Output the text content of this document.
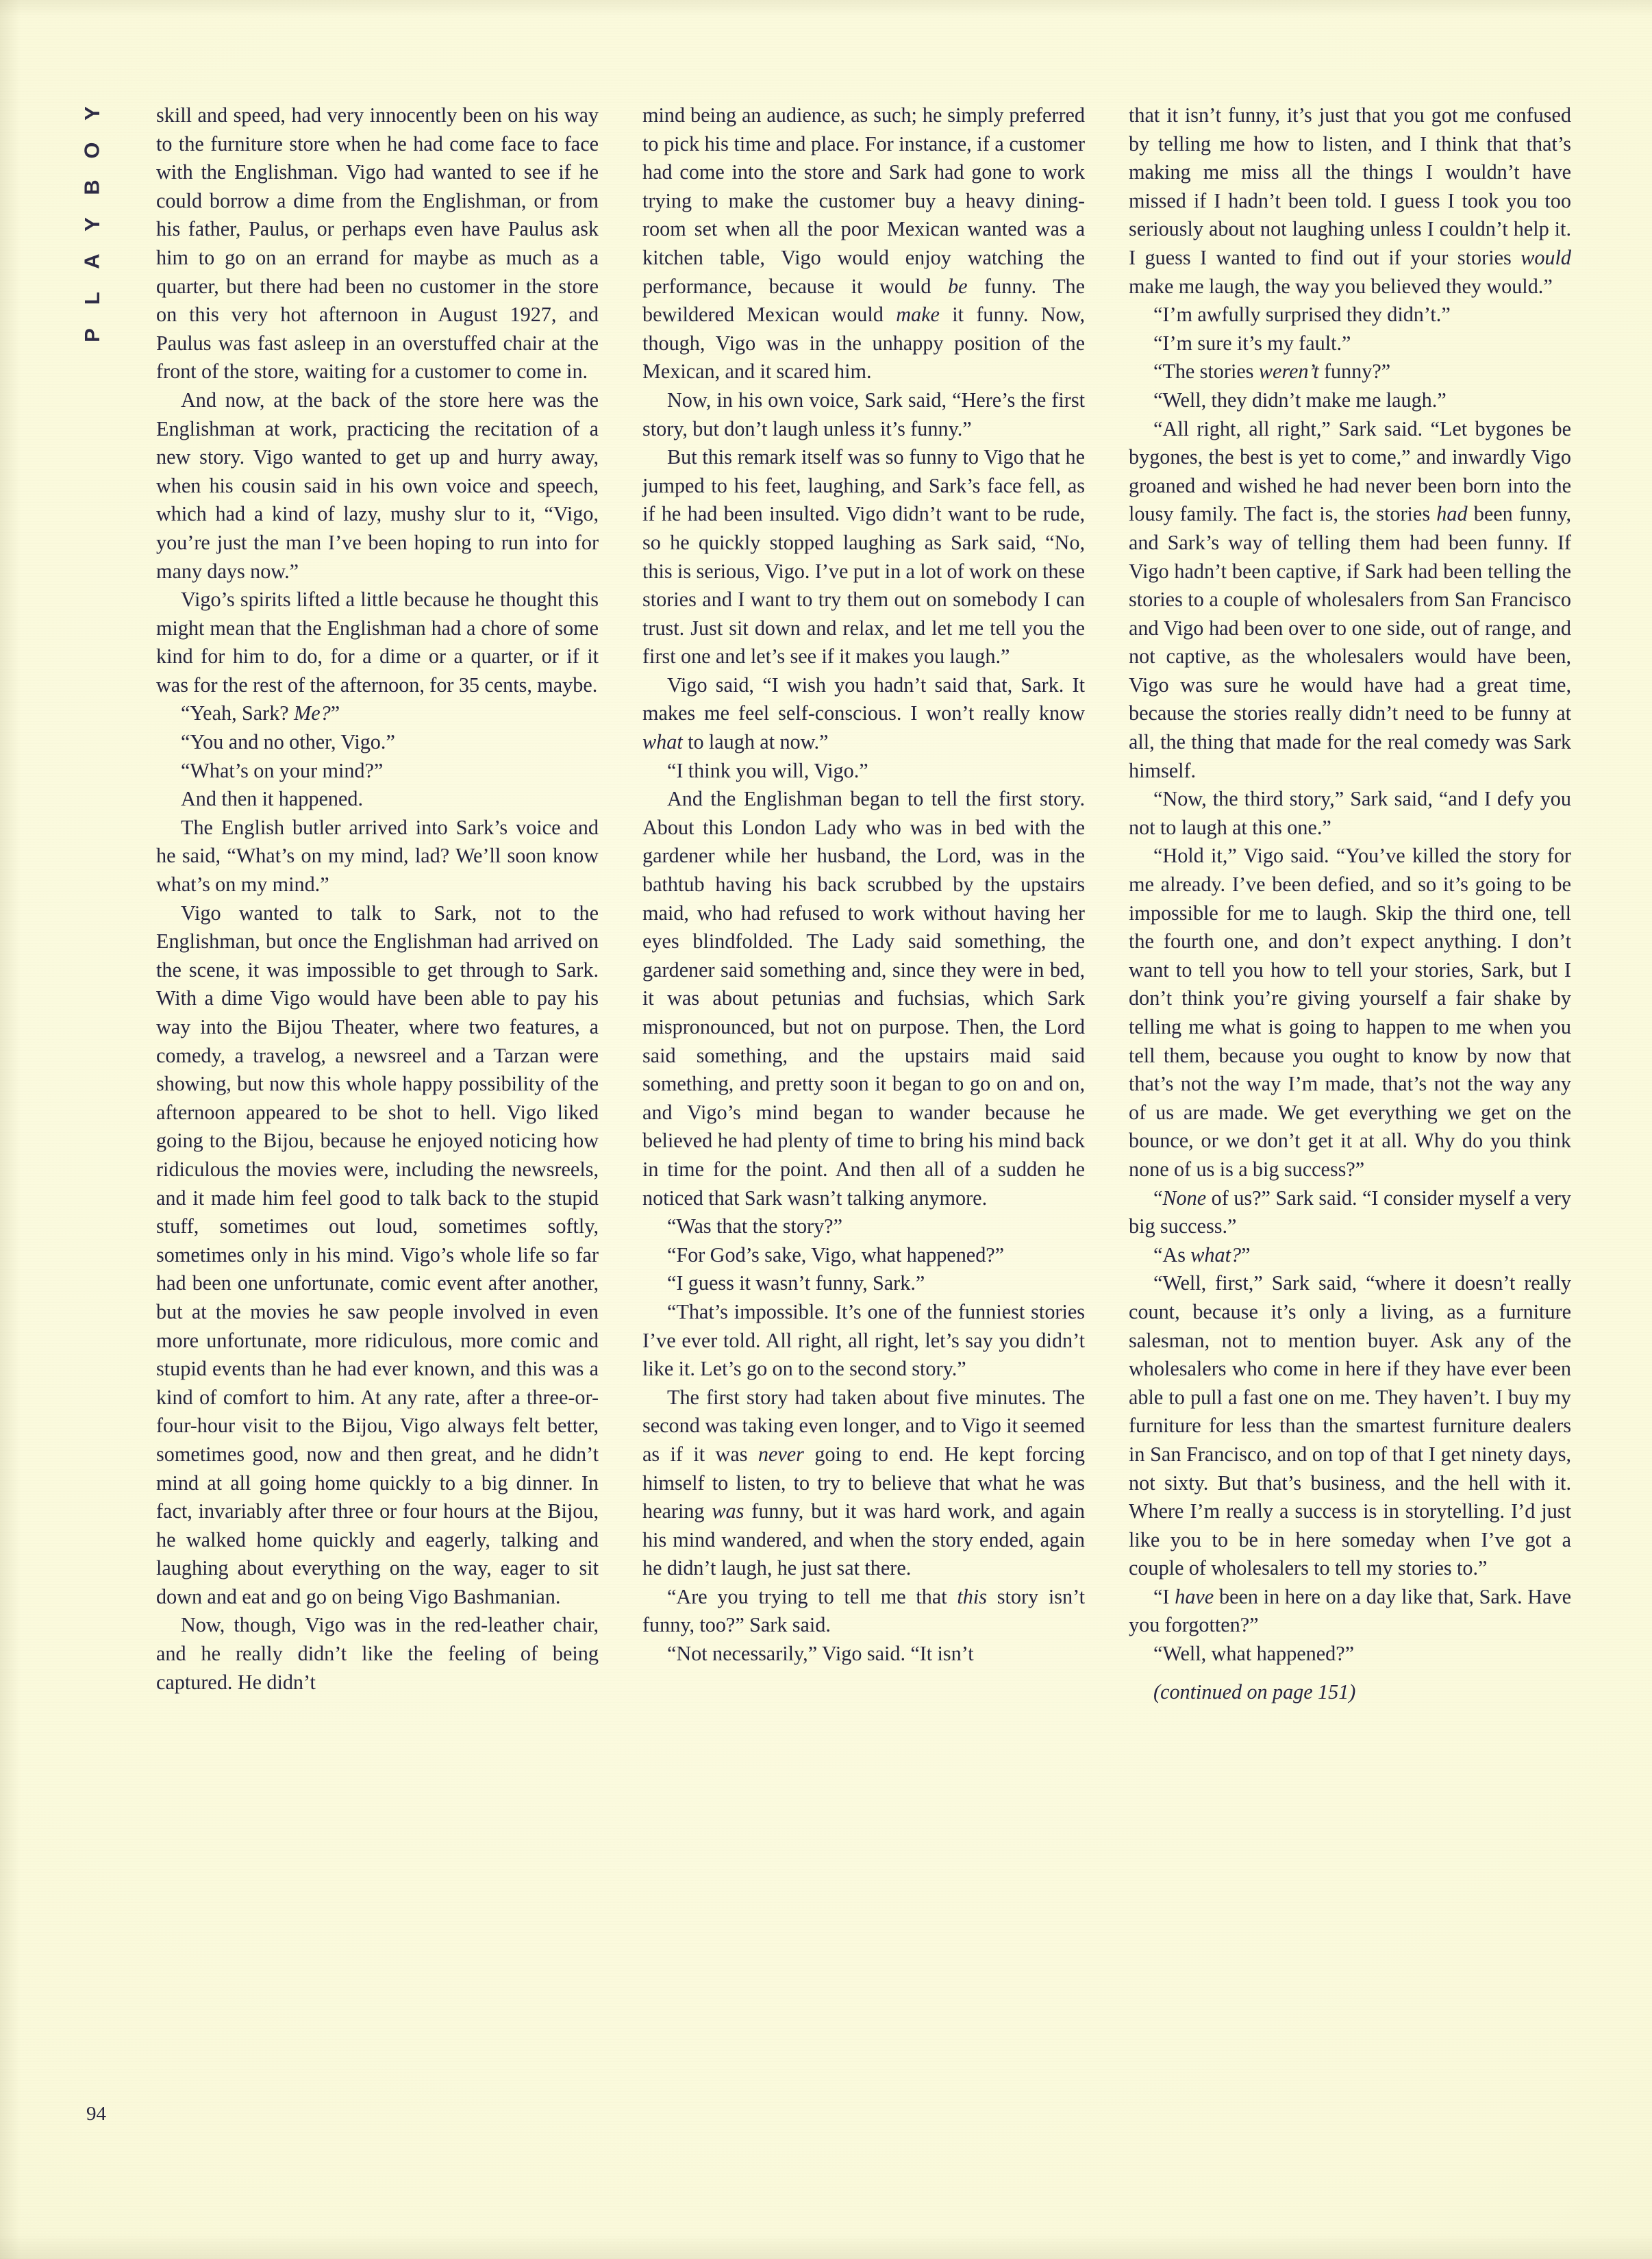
Y
O
B
Y
A
L
P

skill and speed, had very innocently been on his way to the furniture store when he had come face to face with the Englishman. Vigo had wanted to see if he could borrow a dime from the Englishman, or from his father, Paulus, or perhaps even have Paulus ask him to go on an errand for maybe as much as a quarter, but there had been no customer in the store on this very hot afternoon in August 1927, and Paulus was fast asleep in an overstuffed chair at the front of the store, waiting for a customer to come in.

And now, at the back of the store here was the Englishman at work, practicing the recitation of a new story. Vigo wanted to get up and hurry away, when his cousin said in his own voice and speech, which had a kind of lazy, mushy slur to it, “Vigo, you’re just the man I’ve been hoping to run into for many days now.”

Vigo’s spirits lifted a little because he thought this might mean that the Englishman had a chore of some kind for him to do, for a dime or a quarter, or if it was for the rest of the afternoon, for 35 cents, maybe.

“Yeah, Sark? Me?”

“You and no other, Vigo.”

“What’s on your mind?”

And then it happened.

The English butler arrived into Sark’s voice and he said, “What’s on my mind, lad? We’ll soon know what’s on my mind.”

Vigo wanted to talk to Sark, not to the Englishman, but once the Englishman had arrived on the scene, it was impossible to get through to Sark. With a dime Vigo would have been able to pay his way into the Bijou Theater, where two features, a comedy, a travelog, a newsreel and a Tarzan were showing, but now this whole happy possibility of the afternoon appeared to be shot to hell. Vigo liked going to the Bijou, because he enjoyed noticing how ridiculous the movies were, including the newsreels, and it made him feel good to talk back to the stupid stuff, sometimes out loud, sometimes softly, sometimes only in his mind. Vigo’s whole life so far had been one unfortunate, comic event after another, but at the movies he saw people involved in even more unfortunate, more ridiculous, more comic and stupid events than he had ever known, and this was a kind of comfort to him. At any rate, after a three-or-four-hour visit to the Bijou, Vigo always felt better, sometimes good, now and then great, and he didn’t mind at all going home quickly to a big dinner. In fact, invariably after three or four hours at the Bijou, he walked home quickly and eagerly, talking and laughing about everything on the way, eager to sit down and eat and go on being Vigo Bashmanian.

Now, though, Vigo was in the red-leather chair, and he really didn’t like the feeling of being captured. He didn’t

mind being an audience, as such; he simply preferred to pick his time and place. For instance, if a customer had come into the store and Sark had gone to work trying to make the customer buy a heavy dining-room set when all the poor Mexican wanted was a kitchen table, Vigo would enjoy watching the performance, because it would be funny. The bewildered Mexican would make it funny. Now, though, Vigo was in the unhappy position of the Mexican, and it scared him.

Now, in his own voice, Sark said, “Here’s the first story, but don’t laugh unless it’s funny.”

But this remark itself was so funny to Vigo that he jumped to his feet, laughing, and Sark’s face fell, as if he had been insulted. Vigo didn’t want to be rude, so he quickly stopped laughing as Sark said, “No, this is serious, Vigo. I’ve put in a lot of work on these stories and I want to try them out on somebody I can trust. Just sit down and relax, and let me tell you the first one and let’s see if it makes you laugh.”

Vigo said, “I wish you hadn’t said that, Sark. It makes me feel self-conscious. I won’t really know what to laugh at now.”

“I think you will, Vigo.”

And the Englishman began to tell the first story. About this London Lady who was in bed with the gardener while her husband, the Lord, was in the bathtub having his back scrubbed by the upstairs maid, who had refused to work without having her eyes blindfolded. The Lady said something, the gardener said something and, since they were in bed, it was about petunias and fuchsias, which Sark mispronounced, but not on purpose. Then, the Lord said something, and the upstairs maid said something, and pretty soon it began to go on and on, and Vigo’s mind began to wander because he believed he had plenty of time to bring his mind back in time for the point. And then all of a sudden he noticed that Sark wasn’t talking anymore.

“Was that the story?”

“For God’s sake, Vigo, what happened?”

“I guess it wasn’t funny, Sark.”

“That’s impossible. It’s one of the funniest stories I’ve ever told. All right, all right, let’s say you didn’t like it. Let’s go on to the second story.”

The first story had taken about five minutes. The second was taking even longer, and to Vigo it seemed as if it was never going to end. He kept forcing himself to listen, to try to believe that what he was hearing was funny, but it was hard work, and again his mind wandered, and when the story ended, again he didn’t laugh, he just sat there.

“Are you trying to tell me that this story isn’t funny, too?” Sark said.

“Not necessarily,” Vigo said. “It isn’t

that it isn’t funny, it’s just that you got me confused by telling me how to listen, and I think that that’s making me miss all the things I wouldn’t have missed if I hadn’t been told. I guess I took you too seriously about not laughing unless I couldn’t help it. I guess I wanted to find out if your stories would make me laugh, the way you believed they would.”

“I’m awfully surprised they didn’t.”

“I’m sure it’s my fault.”

“The stories weren’t funny?”

“Well, they didn’t make me laugh.”

“All right, all right,” Sark said. “Let bygones be bygones, the best is yet to come,” and inwardly Vigo groaned and wished he had never been born into the lousy family. The fact is, the stories had been funny, and Sark’s way of telling them had been funny. If Vigo hadn’t been captive, if Sark had been telling the stories to a couple of wholesalers from San Francisco and Vigo had been over to one side, out of range, and not captive, as the wholesalers would have been, Vigo was sure he would have had a great time, because the stories really didn’t need to be funny at all, the thing that made for the real comedy was Sark himself.

“Now, the third story,” Sark said, “and I defy you not to laugh at this one.”

“Hold it,” Vigo said. “You’ve killed the story for me already. I’ve been defied, and so it’s going to be impossible for me to laugh. Skip the third one, tell the fourth one, and don’t expect anything. I don’t want to tell you how to tell your stories, Sark, but I don’t think you’re giving yourself a fair shake by telling me what is going to happen to me when you tell them, because you ought to know by now that that’s not the way I’m made, that’s not the way any of us are made. We get everything we get on the bounce, or we don’t get it at all. Why do you think none of us is a big success?”

“None of us?” Sark said. “I consider myself a very big success.”

“As what?”

“Well, first,” Sark said, “where it doesn’t really count, because it’s only a living, as a furniture salesman, not to mention buyer. Ask any of the wholesalers who come in here if they have ever been able to pull a fast one on me. They haven’t. I buy my furniture for less than the smartest furniture dealers in San Francisco, and on top of that I get ninety days, not sixty. But that’s business, and the hell with it. Where I’m really a success is in storytelling. I’d just like you to be in here someday when I’ve got a couple of wholesalers to tell my stories to.”

“I have been in here on a day like that, Sark. Have you forgotten?”

“Well, what happened?”

(continued on page 151)

94
